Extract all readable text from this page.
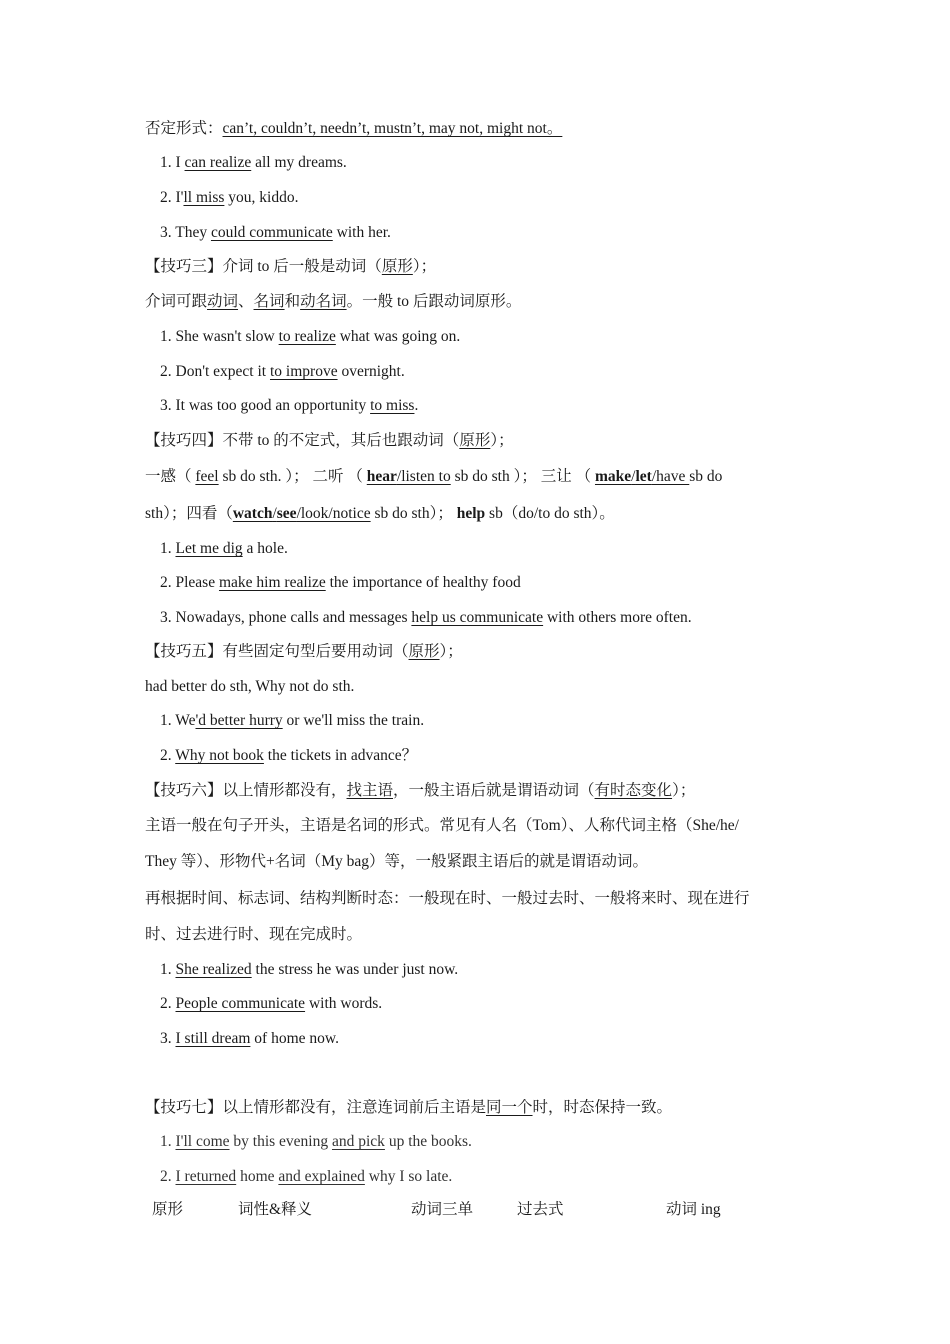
否定形式：can’t, couldn’t, needn’t, mustn’t, may not, might not。
1. I can realize all my dreams.
2. I'll miss you, kiddo.
3. They could communicate with her.
【技巧三】介词 to 后一般是动词（原形）；
介词可跟动词、名词和动名词。一般 to 后跟动词原形。
1. She wasn't slow to realize what was going on.
2. Don't expect it to improve overnight.
3. It was too good an opportunity to miss.
【技巧四】不带 to 的不定式，其后也跟动词（原形）；
一感（ feel sb do sth. ）； 二听 （ hear/listen to sb do sth ）； 三让 （ make/let/have sb do
sth）；四看（watch/see/look/notice sb do sth）； help sb（do/to do sth）。
1. Let me dig a hole.
2. Please make him realize the importance of healthy food
3. Nowadays, phone calls and messages help us communicate with others more often.
【技巧五】有些固定句型后要用动词（原形）；
had better do sth, Why not do sth.
1. We'd better hurry or we'll miss the train.
2. Why not book the tickets in advance？
【技巧六】以上情形都没有，找主语，一般主语后就是谓语动词（有时态变化）；
主语一般在句子开头，主语是名词的形式。常见有人名（Tom）、人称代词主格（She/he/
They 等）、形物代+名词（My bag）等，一般紧跟主语后的就是谓语动词。
再根据时间、标志词、结构判断时态：一般现在时、一般过去时、一般将来时、现在进行
时、过去进行时、现在完成时。
1. She realized the stress he was under just now.
2. People communicate with words.
3. I still dream of home now.
【技巧七】以上情形都没有，注意连词前后主语是同一个时，时态保持一致。
1. I'll come by this evening and pick up the books.
2. I returned home and explained why I so late.
原形	词性&释义	动词三单	过去式	动词 ing
